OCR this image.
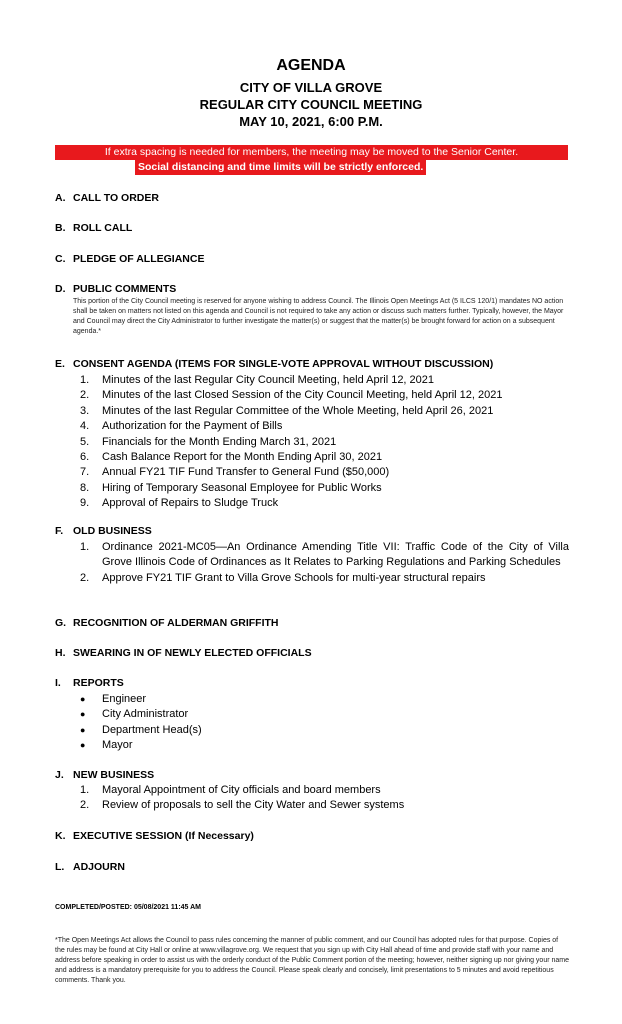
AGENDA
CITY OF VILLA GROVE
REGULAR CITY COUNCIL MEETING
MAY 10, 2021, 6:00 P.M.
If extra spacing is needed for members, the meeting may be moved to the Senior Center.
Social distancing and time limits will be strictly enforced.
A. CALL TO ORDER
B. ROLL CALL
C. PLEDGE OF ALLEGIANCE
D. PUBLIC COMMENTS
This portion of the City Council meeting is reserved for anyone wishing to address Council. The Illinois Open Meetings Act (5 ILCS 120/1) mandates NO action shall be taken on matters not listed on this agenda and Council is not required to take any action or discuss such matters further. Typically, however, the Mayor and Council may direct the City Administrator to further investigate the matter(s) or suggest that the matter(s) be brought forward for action on a subsequent agenda.*
E. CONSENT AGENDA (ITEMS FOR SINGLE-VOTE APPROVAL WITHOUT DISCUSSION)
1.	Minutes of the last Regular City Council Meeting, held April 12, 2021
2.	Minutes of the last Closed Session of the City Council Meeting, held April 12, 2021
3.	Minutes of the last Regular Committee of the Whole Meeting, held April 26, 2021
4.	Authorization for the Payment of Bills
5.	Financials for the Month Ending March 31, 2021
6.	Cash Balance Report for the Month Ending April 30, 2021
7.	Annual FY21 TIF Fund Transfer to General Fund ($50,000)
8.	Hiring of Temporary Seasonal Employee for Public Works
9.	Approval of Repairs to Sludge Truck
F. OLD BUSINESS
1.	Ordinance 2021-MC05—An Ordinance Amending Title VII: Traffic Code of the City of Villa Grove Illinois Code of Ordinances as It Relates to Parking Regulations and Parking Schedules
2.	Approve FY21 TIF Grant to Villa Grove Schools for multi-year structural repairs
G. RECOGNITION OF ALDERMAN GRIFFITH
H. SWEARING IN OF NEWLY ELECTED OFFICIALS
I. REPORTS
●	Engineer
●	City Administrator
●	Department Head(s)
●	Mayor
J. NEW BUSINESS
1.	Mayoral Appointment of City officials and board members
2.	Review of proposals to sell the City Water and Sewer systems
K. EXECUTIVE SESSION (If Necessary)
L. ADJOURN
COMPLETED/POSTED: 05/08/2021 11:45 AM
*The Open Meetings Act allows the Council to pass rules concerning the manner of public comment, and our Council has adopted rules for that purpose. Copies of the rules may be found at City Hall or online at www.villagrove.org. We request that you sign up with City Hall ahead of time and provide staff with your name and address before speaking in order to assist us with the orderly conduct of the Public Comment portion of the meeting; however, neither signing up nor giving your name and address is a mandatory prerequisite for you to address the Council. Please speak clearly and concisely, limit presentations to 5 minutes and avoid repetitious comments. Thank you.
